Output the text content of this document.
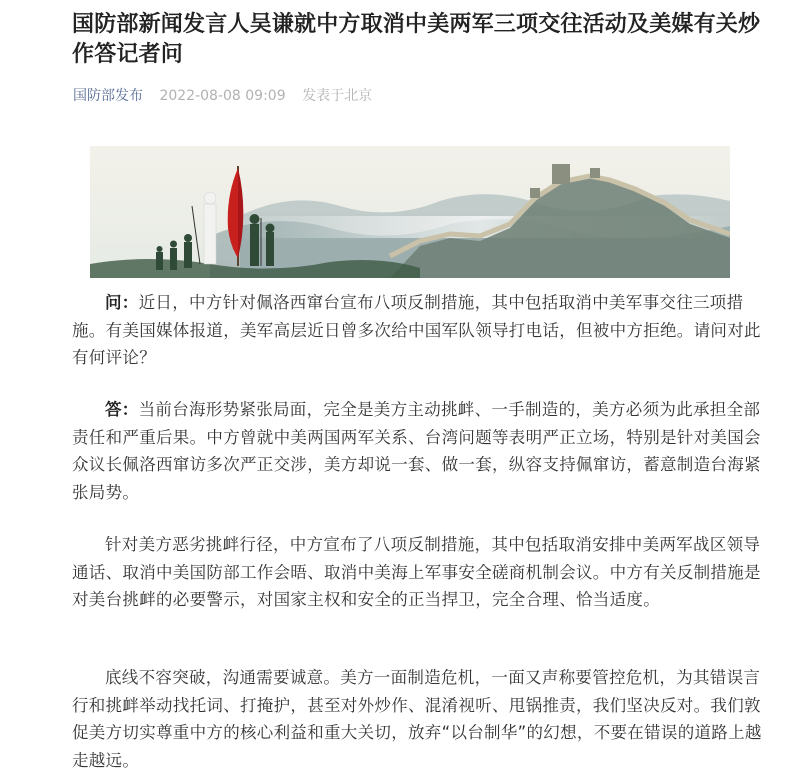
国防部新闻发言人吴谦就中方取消中美两军三项交往活动及美媒有关炒作答记者问
国防部发布 2022-08-08 09:09 发表于北京

问：近日，中方针对佩洛西窜台宣布八项反制措施，其中包括取消中美军事交往三项措施。有美国媒体报道，美军高层近日曾多次给中国军队领导打电话，但被中方拒绝。请问对此有何评论？

答：当前台海形势紧张局面，完全是美方主动挑衅、一手制造的，美方必须为此承担全部责任和严重后果。中方曾就中美两国两军关系、台湾问题等表明严正立场，特别是针对美国会众议长佩洛西窜访多次严正交涉，美方却说一套、做一套，纵容支持佩窜访，蓄意制造台海紧张局势。

针对美方恶劣挑衅行径，中方宣布了八项反制措施，其中包括取消安排中美两军战区领导通话、取消中美国防部工作会晤、取消中美海上军事安全磋商机制会议。中方有关反制措施是对美台挑衅的必要警示，对国家主权和安全的正当捍卫，完全合理、恰当适度。

底线不容突破，沟通需要诚意。美方一面制造危机，一面又声称要管控危机，为其错误言行和挑衅举动找托词、打掩护，甚至对外炒作、混淆视听、甩锅推责，我们坚决反对。我们敦促美方切实尊重中方的核心利益和重大关切，放弃“以台制华”的幻想，不要在错误的道路上越走越远。
